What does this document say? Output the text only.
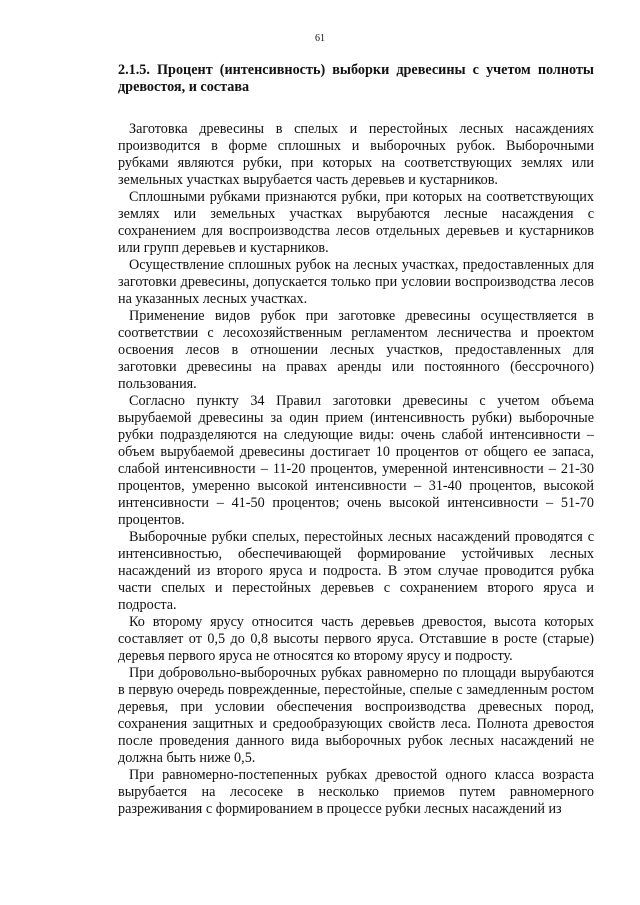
61
2.1.5. Процент (интенсивность) выборки древесины с учетом полноты древостоя, и состава

Заготовка древесины в спелых и перестойных лесных насаждениях производится в форме сплошных и выборочных рубок. Выборочными рубками являются рубки, при которых на соответствующих землях или земельных участках вырубается часть деревьев и кустарников.

Сплошными рубками признаются рубки, при которых на соответствующих землях или земельных участках вырубаются лесные насаждения с сохранением для воспроизводства лесов отдельных деревьев и кустарников или групп деревьев и кустарников.

Осуществление сплошных рубок на лесных участках, предоставленных для заготовки древесины, допускается только при условии воспроизводства лесов на указанных лесных участках.

Применение видов рубок при заготовке древесины осуществляется в соответствии с лесохозяйственным регламентом лесничества и проектом освоения лесов в отношении лесных участков, предоставленных для заготовки древесины на правах аренды или постоянного (бессрочного) пользования.

Согласно пункту 34 Правил заготовки древесины с учетом объема вырубаемой древесины за один прием (интенсивность рубки) выборочные рубки подразделяются на следующие виды: очень слабой интенсивности – объем вырубаемой древесины достигает 10 процентов от общего ее запаса, слабой интенсивности – 11-20 процентов, умеренной интенсивности – 21-30 процентов, умеренно высокой интенсивности – 31-40 процентов, высокой интенсивности – 41-50 процентов; очень высокой интенсивности – 51-70 процентов.

Выборочные рубки спелых, перестойных лесных насаждений проводятся с интенсивностью, обеспечивающей формирование устойчивых лесных насаждений из второго яруса и подроста. В этом случае проводится рубка части спелых и перестойных деревьев с сохранением второго яруса и подроста.

Ко второму ярусу относится часть деревьев древостоя, высота которых составляет от 0,5 до 0,8 высоты первого яруса. Отставшие в росте (старые) деревья первого яруса не относятся ко второму ярусу и подросту.

При добровольно-выборочных рубках равномерно по площади вырубаются в первую очередь поврежденные, перестойные, спелые с замедленным ростом деревья, при условии обеспечения воспроизводства древесных пород, сохранения защитных и средообразующих свойств леса. Полнота древостоя после проведения данного вида выборочных рубок лесных насаждений не должна быть ниже 0,5.

При равномерно-постепенных рубках древостой одного класса возраста вырубается на лесосеке в несколько приемов путем равномерного разреживания с формированием в процессе рубки лесных насаждений из
